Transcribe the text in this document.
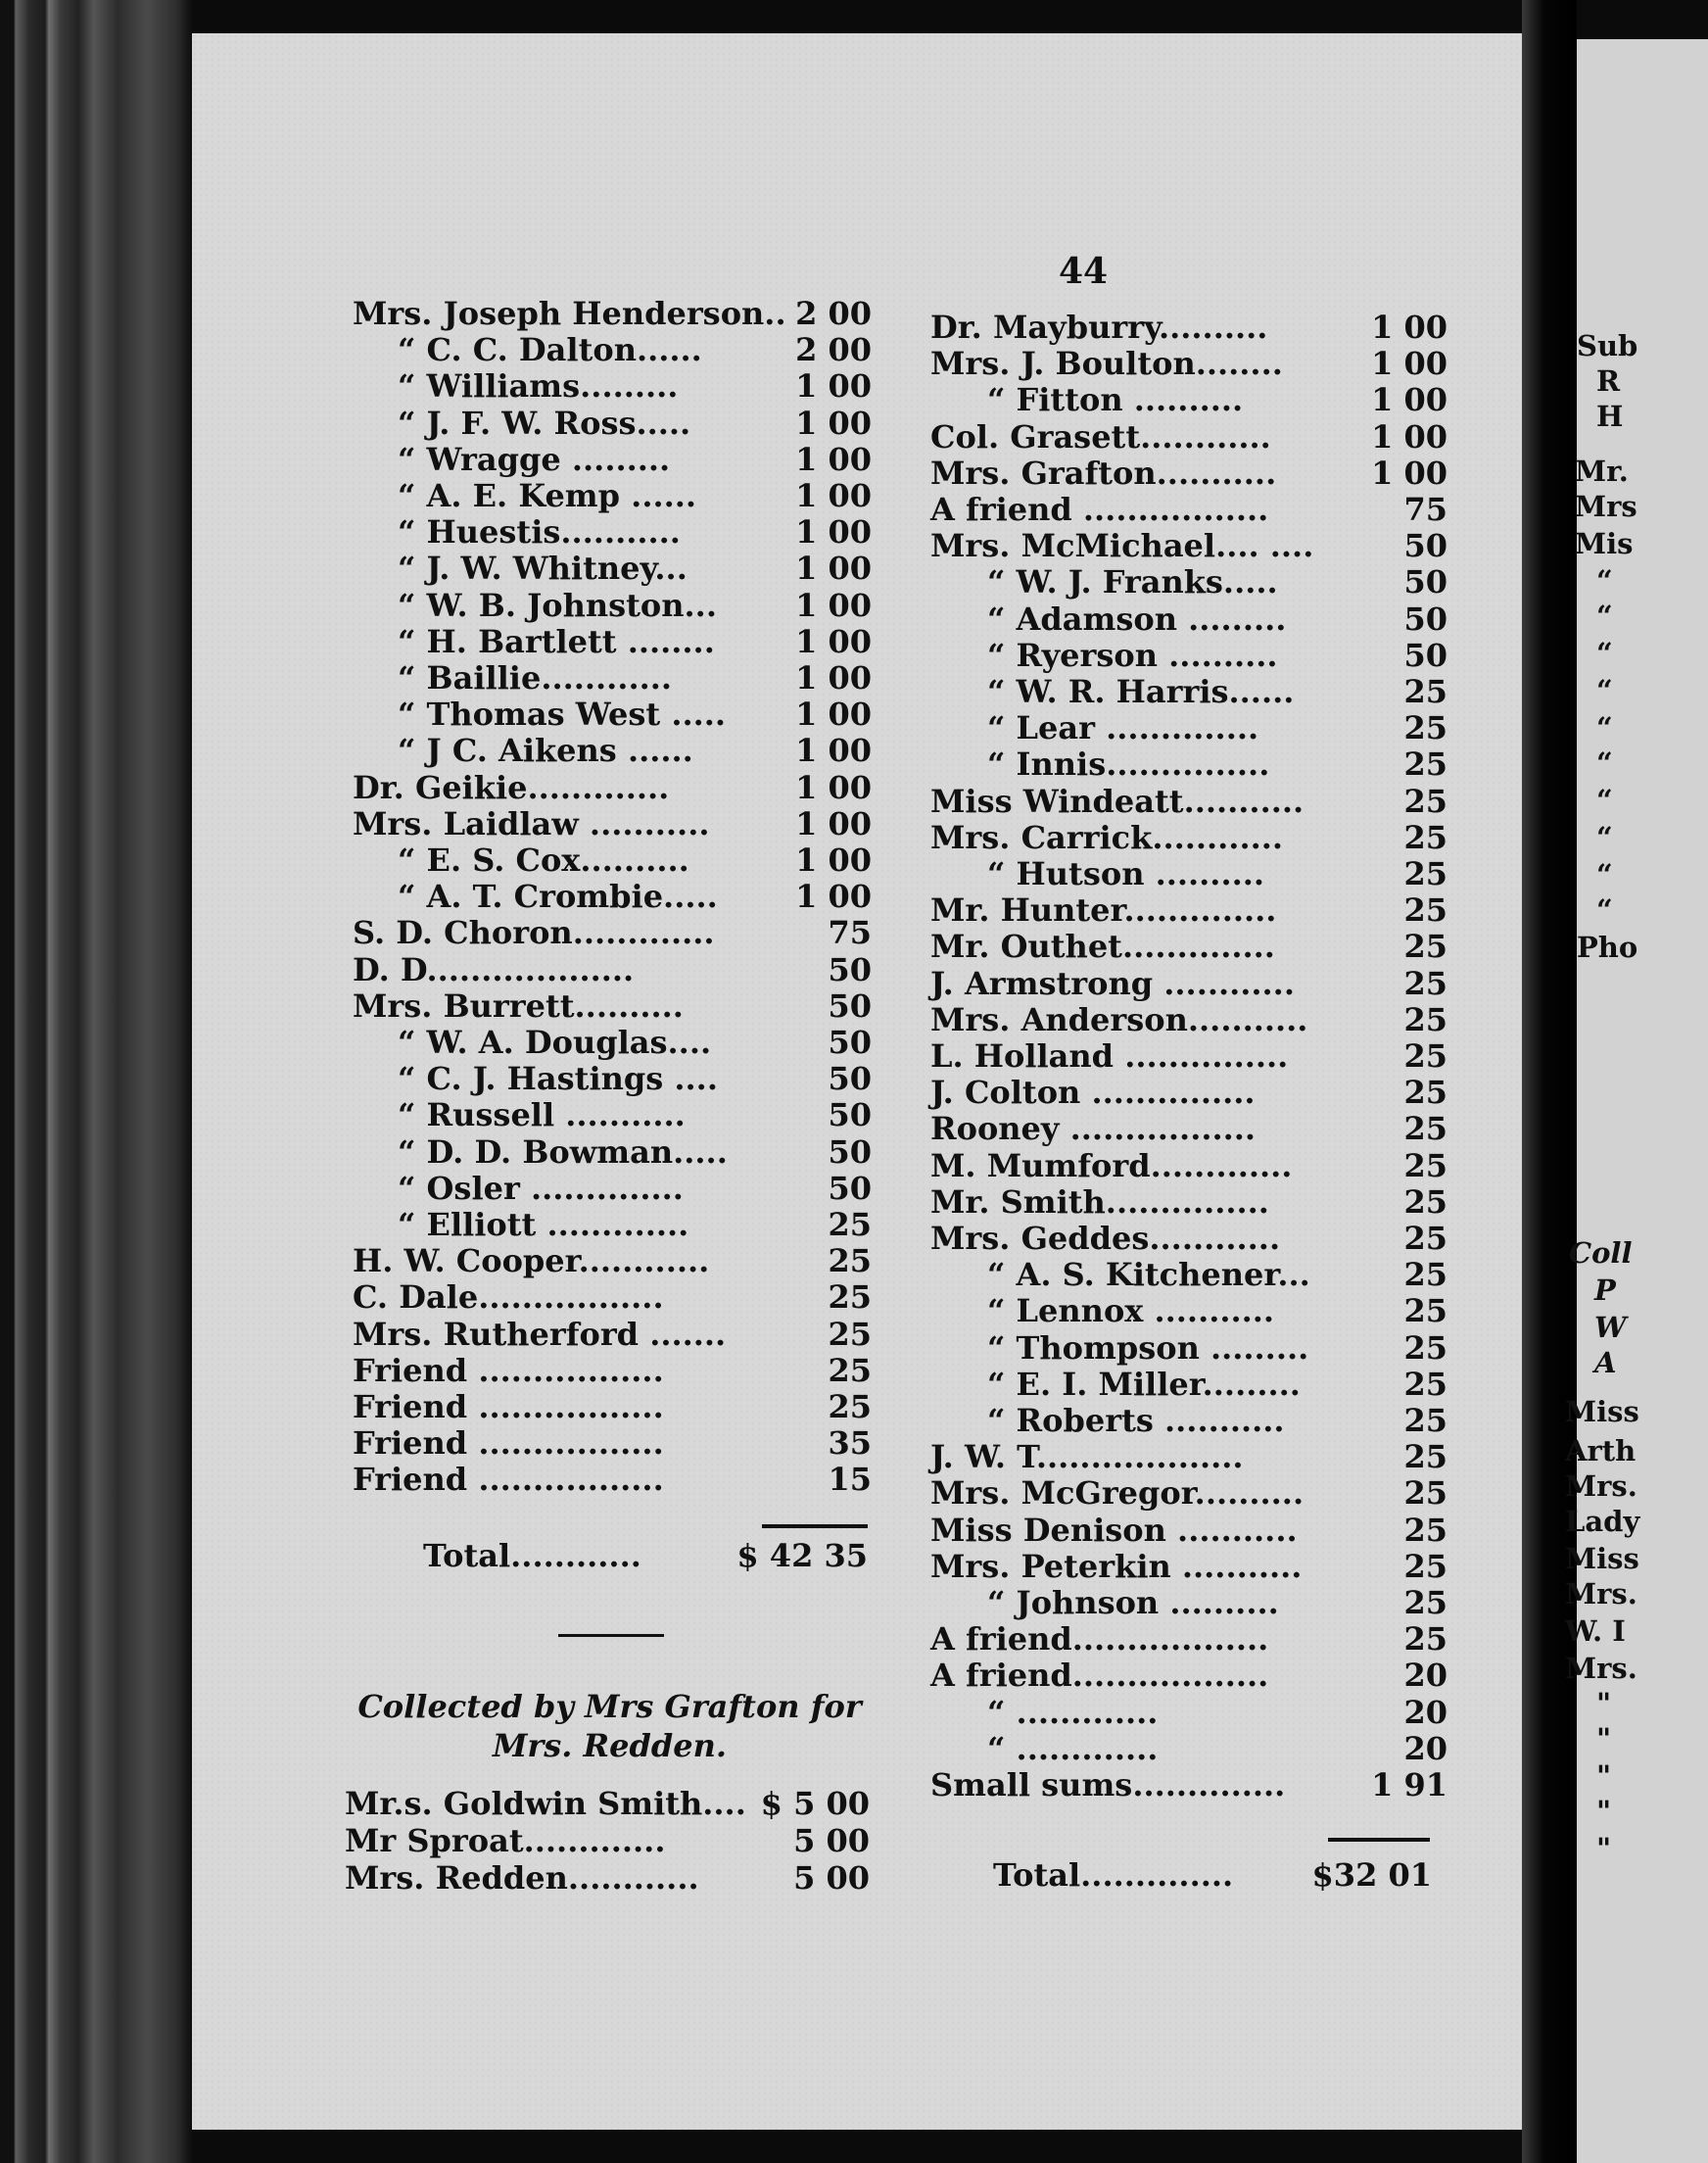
44
Mrs. Joseph Henderson.. 2 00
“ C. C. Dalton......	2 00
“ Williams.........	1 00
“ J. F. W. Ross.....	1 00
“ Wragge .........	1 00
“ A. E. Kemp ......	1 00
“ Huestis...........	1 00
“ J. W. Whitney...	1 00
“ W. B. Johnston...	1 00
“ H. Bartlett ........	1 00
“ Baillie............	1 00
“ Thomas West ..... 1 00
“ J C. Aikens ......	1 00
Dr. Geikie.............	1 00
Mrs. Laidlaw ...........	1 00
“ E. S. Cox..........	1 00
“ A. T. Crombie..... 1 00
S. D. Choron.............	75
D. D...................	50
Mrs. Burrett..........	50
“ W. A. Douglas....	50
“ C. J. Hastings ....	50
“ Russell ...........	50
“ D. D. Bowman.....	50
“ Osler ..............	50
“ Elliott .............	25
H. W. Cooper............	25
C. Dale.................	25
Mrs. Rutherford .......	25
Friend .................	25
Friend .................	25
Friend .................	35
Friend .................	15
Total............	$ 42 35
Collected by Mrs Grafton for
Mrs. Redden.
Mr.s. Goldwin Smith.... $ 5 00
Mr Sproat.............	5 00
Mrs. Redden............	5 00
Dr. Mayburry..........	1 00
Mrs. J. Boulton........	1 00
“ Fitton ..........	1 00
Col. Grasett............	1 00
Mrs. Grafton...........	1 00
A friend .................	75
Mrs. McMichael.... ....	50
“ W. J. Franks.....	50
“ Adamson .........	50
“ Ryerson ..........	50
“ W. R. Harris......	25
“ Lear ..............	25
“ Innis...............	25
Miss Windeatt...........	25
Mrs. Carrick............	25
“ Hutson ..........	25
Mr. Hunter..............	25
Mr. Outhet..............	25
J. Armstrong ............	25
Mrs. Anderson...........	25
L. Holland ...............	25
J. Colton ...............	25
Rooney .................	25
M. Mumford.............	25
Mr. Smith...............	25
Mrs. Geddes............	25
“ A. S. Kitchener...	25
“ Lennox ...........	25
“ Thompson .........	25
“ E. I. Miller.........	25
“ Roberts ...........	25
J. W. T...................	25
Mrs. McGregor..........	25
Miss Denison ...........	25
Mrs. Peterkin ...........	25
“ Johnson ..........	25
A friend..................	25
A friend..................	20
“ .............	20
“ .............	20
Small sums..............	1 91
Total..............	$32 01
Sub
R
H
Mr.
Mrs
Mis
“
“
“
“
“
“
“
“
“
“
Pho
Coll
P
W
A
Miss
Arth
Mrs.
Lady
Miss
Mrs.
W. I
Mrs.
"
"
"
"
"
